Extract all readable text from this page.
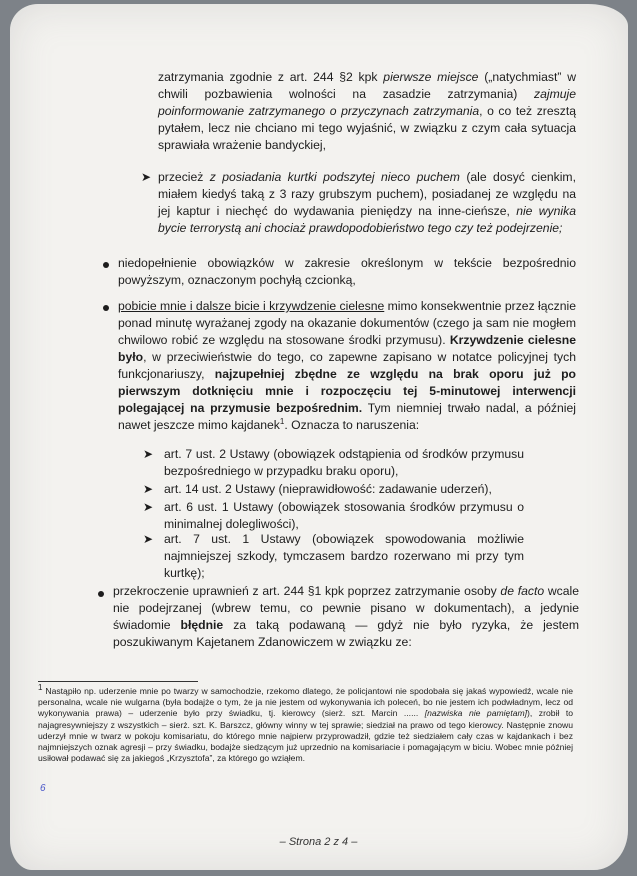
zatrzymania zgodnie z art. 244 §2 kpk pierwsze miejsce („natychmiast” w chwili pozbawienia wolności na zasadzie zatrzymania) zajmuje poinformowanie zatrzymanego o przyczynach zatrzymania, o co też zresztą pytałem, lecz nie chciano mi tego wyjaśnić, w związku z czym cała sytuacja sprawiała wrażenie bandyckiej,

➤ przecież z posiadania kurtki podszytej nieco puchem (ale dosyć cienkim, miałem kiedyś taką z 3 razy grubszym puchem), posiadanej ze względu na jej kaptur i niechęć do wydawania pieniędzy na inne-cieńsze, nie wynika bycie terrorystą ani chociaż prawdopodobieństwo tego czy też podejrzenie;

niedopełnienie obowiązków w zakresie określonym w tekście bezpośrednio powyższym, oznaczonym pochyłą czcionką,

pobicie mnie i dalsze bicie i krzywdzenie cielesne mimo konsekwentnie przez łącznie ponad minutę wyrażanej zgody na okazanie dokumentów (czego ja sam nie mogłem chwilowo robić ze względu na stosowane środki przymusu). Krzywdzenie cielesne było, w przeciwieństwie do tego, co zapewne zapisano w notatce policyjnej tych funkcjonariuszy, najzupełniej zbędne ze względu na brak oporu już po pierwszym dotknięciu mnie i rozpoczęciu tej 5-minutowej interwencji polegającej na przymusie bezpośrednim. Tym niemniej trwało nadal, a później nawet jeszcze mimo kajdanek$^1$. Oznacza to naruszenia:

➤ art. 7 ust. 2 Ustawy (obowiązek odstąpienia od środków przymusu bezpośredniego w przypadku braku oporu),

➤ art. 14 ust. 2 Ustawy (nieprawidłowość: zadawanie uderzeń),

➤ art. 6 ust. 1 Ustawy (obowiązek stosowania środków przymusu o minimalnej dolegliwości),

➤ art. 7 ust. 1 Ustawy (obowiązek spowodowania możliwie najmniejszej szkody, tymczasem bardzo rozerwano mi przy tym kurtkę);

przekroczenie uprawnień z art. 244 §1 kpk poprzez zatrzymanie osoby de facto wcale nie podejrzanej (wbrew temu, co pewnie pisano w dokumentach), a jedynie świadomie błędnie za taką podawaną — gdyż nie było ryzyka, że jestem poszukiwanym Kajetanem Zdanowiczem w związku ze:

$^1$ Nastąpiło np. uderzenie mnie po twarzy w samochodzie, rzekomo dlatego, że policjantowi nie spodobała się jakaś wypowiedź, wcale nie personalna, wcale nie wulgarna (była bodajże o tym, że ja nie jestem od wykonywania ich poleceń, bo nie jestem ich podwładnym, lecz od wykonywania prawa) – uderzenie było przy świadku, tj. kierowcy (sierż. szt. Marcin ...... [nazwiska nie pamiętam]), zrobił to najagresywniejszy z wszystkich – sierż. szt. K. Barszcz, główny winny w tej sprawie; siedział na prawo od tego kierowcy. Następnie znowu uderzył mnie w twarz w pokoju komisariatu, do którego mnie najpierw przyprowadził, gdzie też siedziałem cały czas w kajdankach i bez najmniejszych oznak agresji – przy świadku, bodajże siedzącym już uprzednio na komisariacie i pomagającym w biciu. Wobec mnie później usiłował podawać się za jakiegoś „Krzysztofa”, za którego go wziąłem.

6
– Strona 2 z 4 –
